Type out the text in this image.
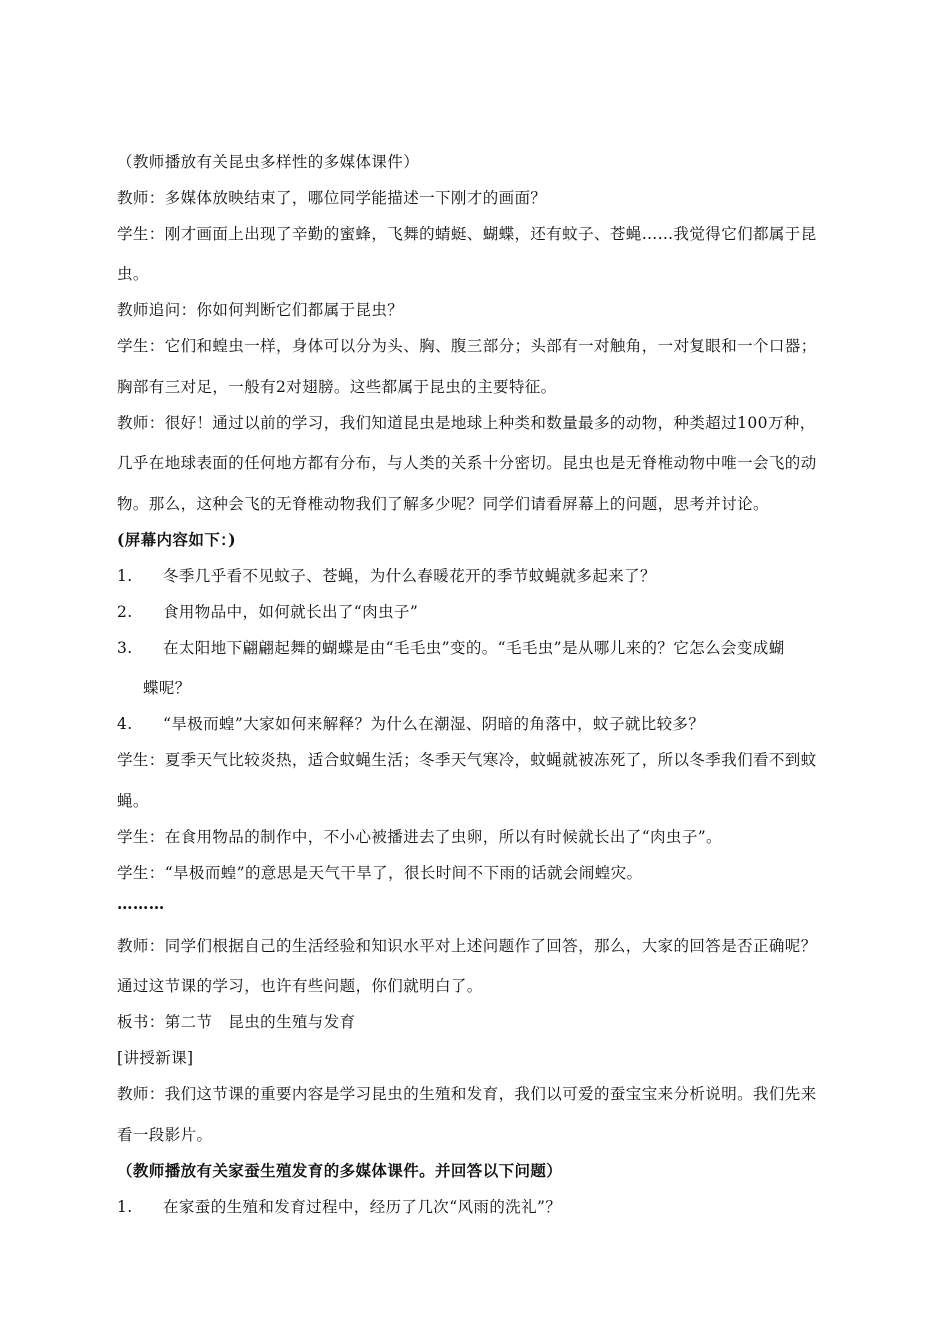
（教师播放有关昆虫多样性的多媒体课件）
教师：多媒体放映结束了，哪位同学能描述一下刚才的画面？
学生：刚才画面上出现了辛勤的蜜蜂，飞舞的蜻蜓、蝴蝶，还有蚊子、苍蝇……我觉得它们都属于昆
虫。
教师追问：你如何判断它们都属于昆虫？
学生：它们和蝗虫一样，身体可以分为头、胸、腹三部分；头部有一对触角，一对复眼和一个口器；
胸部有三对足，一般有2对翅膀。这些都属于昆虫的主要特征。
教师：很好！通过以前的学习，我们知道昆虫是地球上种类和数量最多的动物，种类超过100万种，
几乎在地球表面的任何地方都有分布，与人类的关系十分密切。昆虫也是无脊椎动物中唯一会飞的动
物。那么，这种会飞的无脊椎动物我们了解多少呢？同学们请看屏幕上的问题，思考并讨论。
(屏幕内容如下：)
1. 冬季几乎看不见蚊子、苍蝇，为什么春暖花开的季节蚊蝇就多起来了？
2. 食用物品中，如何就长出了“肉虫子”
3. 在太阳地下翩翩起舞的蝴蝶是由“毛毛虫”变的。“毛毛虫”是从哪儿来的？它怎么会变成蝴
蝶呢？
4. “旱极而蝗”大家如何来解释？为什么在潮湿、阴暗的角落中，蚊子就比较多？
学生：夏季天气比较炎热，适合蚊蝇生活；冬季天气寒冷，蚊蝇就被冻死了，所以冬季我们看不到蚊
蝇。
学生：在食用物品的制作中，不小心被播进去了虫卵，所以有时候就长出了“肉虫子”。
学生：“旱极而蝗”的意思是天气干旱了，很长时间不下雨的话就会闹蝗灾。
………
教师：同学们根据自己的生活经验和知识水平对上述问题作了回答，那么，大家的回答是否正确呢？
通过这节课的学习，也许有些问题，你们就明白了。
板书：第二节　昆虫的生殖与发育
[讲授新课]
教师：我们这节课的重要内容是学习昆虫的生殖和发育，我们以可爱的蚕宝宝来分析说明。我们先来
看一段影片。
（教师播放有关家蚕生殖发育的多媒体课件。并回答以下问题）
1. 在家蚕的生殖和发育过程中，经历了几次“风雨的洗礼”？
